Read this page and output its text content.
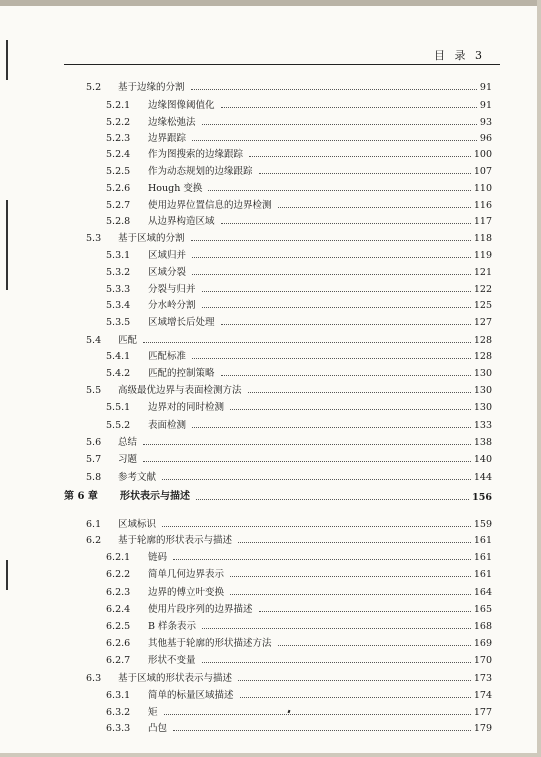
目 录 3
5.2	基于边缘的分割	91
5.2.1	边缘图像阈值化	91
5.2.2	边缘松弛法	93
5.2.3	边界跟踪	96
5.2.4	作为图搜索的边缘跟踪	100
5.2.5	作为动态规划的边缘跟踪	107
5.2.6	Hough 变换	110
5.2.7	使用边界位置信息的边界检测	116
5.2.8	从边界构造区域	117
5.3	基于区域的分割	118
5.3.1	区域归并	119
5.3.2	区域分裂	121
5.3.3	分裂与归并	122
5.3.4	分水岭分割	125
5.3.5	区域增长后处理	127
5.4	匹配	128
5.4.1	匹配标准	128
5.4.2	匹配的控制策略	130
5.5	高级最优边界与表面检测方法	130
5.5.1	边界对的同时检测	130
5.5.2	表面检测	133
5.6	总结	138
5.7	习题	140
5.8	参考文献	144
第 6 章	形状表示与描述	156
6.1	区域标识	159
6.2	基于轮廓的形状表示与描述	161
6.2.1	链码	161
6.2.2	简单几何边界表示	161
6.2.3	边界的傅立叶变换	164
6.2.4	使用片段序列的边界描述	165
6.2.5	B 样条表示	168
6.2.6	其他基于轮廓的形状描述方法	169
6.2.7	形状不变量	170
6.3	基于区域的形状表示与描述	173
6.3.1	简单的标量区域描述	174
6.3.2	矩	177
6.3.3	凸包	179
